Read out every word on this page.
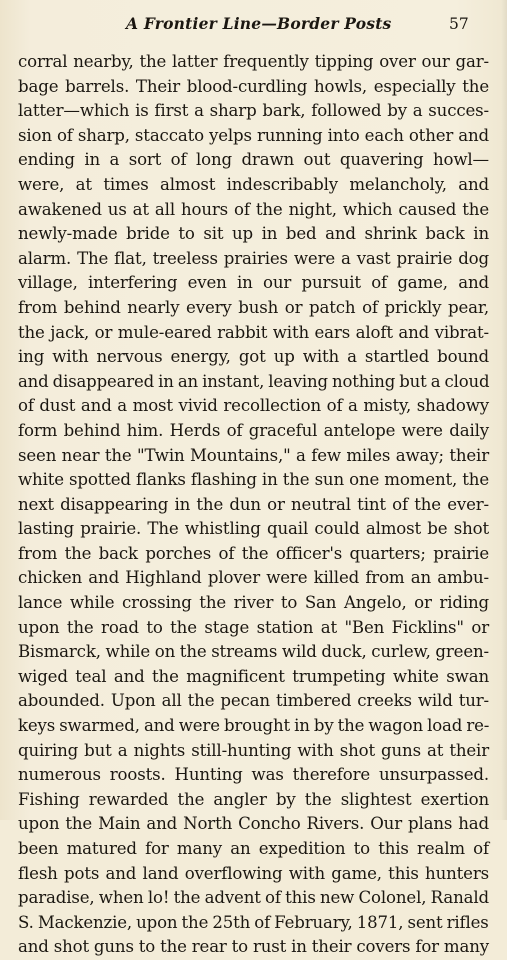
A Frontier Line—Border Posts	57
corral nearby, the latter frequently tipping over our gar-
bage barrels. Their blood-curdling howls, especially the
latter—which is first a sharp bark, followed by a succes-
sion of sharp, staccato yelps running into each other and
ending in a sort of long drawn out quavering howl—
were, at times almost indescribably melancholy, and
awakened us at all hours of the night, which caused the
newly-made bride to sit up in bed and shrink back in
alarm. The flat, treeless prairies were a vast prairie dog
village, interfering even in our pursuit of game, and
from behind nearly every bush or patch of prickly pear,
the jack, or mule-eared rabbit with ears aloft and vibrat-
ing with nervous energy, got up with a startled bound
and disappeared in an instant, leaving nothing but a cloud
of dust and a most vivid recollection of a misty, shadowy
form behind him. Herds of graceful antelope were daily
seen near the "Twin Mountains," a few miles away; their
white spotted flanks flashing in the sun one moment, the
next disappearing in the dun or neutral tint of the ever-
lasting prairie. The whistling quail could almost be shot
from the back porches of the officer's quarters; prairie
chicken and Highland plover were killed from an ambu-
lance while crossing the river to San Angelo, or riding
upon the road to the stage station at "Ben Ficklins" or
Bismarck, while on the streams wild duck, curlew, green-
wiged teal and the magnificent trumpeting white swan
abounded. Upon all the pecan timbered creeks wild tur-
keys swarmed, and were brought in by the wagon load re-
quiring but a nights still-hunting with shot guns at their
numerous roosts. Hunting was therefore unsurpassed.
Fishing rewarded the angler by the slightest exertion
upon the Main and North Concho Rivers. Our plans had
been matured for many an expedition to this realm of
flesh pots and land overflowing with game, this hunters
paradise, when lo! the advent of this new Colonel, Ranald
S. Mackenzie, upon the 25th of February, 1871, sent rifles
and shot guns to the rear to rust in their covers for many
